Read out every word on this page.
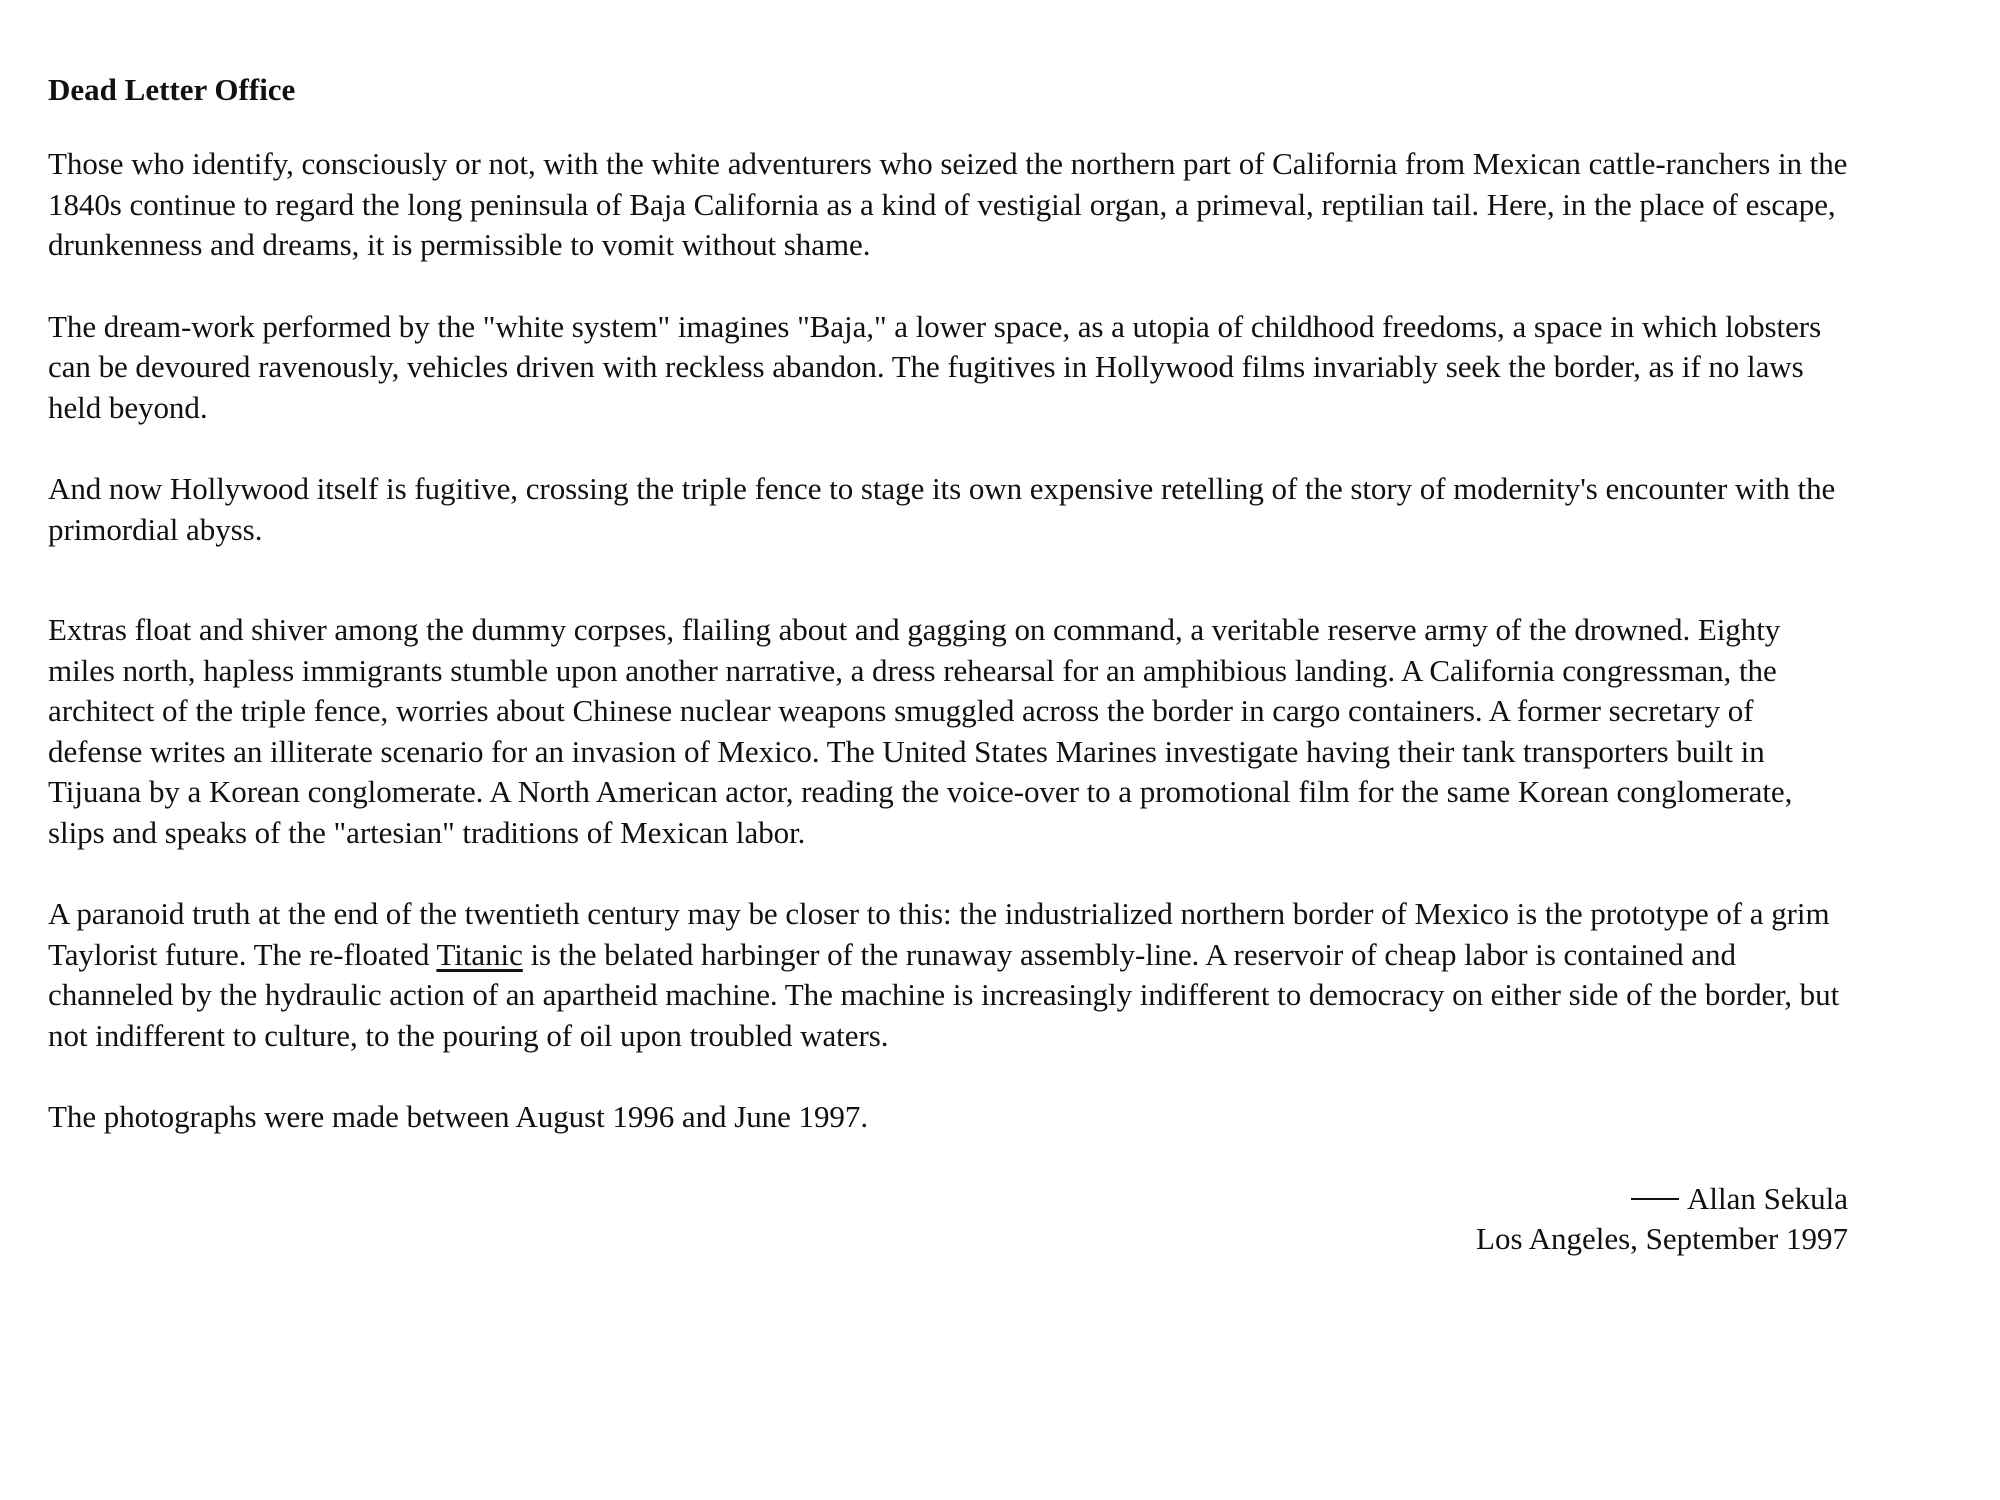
Dead Letter Office

Those who identify, consciously or not, with the white adventurers who seized the northern part of California from Mexican cattle-ranchers in the 1840s continue to regard the long peninsula of Baja California as a kind of vestigial organ, a primeval, reptilian tail. Here, in the place of escape, drunkenness and dreams, it is permissible to vomit without shame.

The dream-work performed by the "white system" imagines "Baja," a lower space, as a utopia of childhood freedoms, a space in which lobsters can be devoured ravenously, vehicles driven with reckless abandon. The fugitives in Hollywood films invariably seek the border, as if no laws held beyond.

And now Hollywood itself is fugitive, crossing the triple fence to stage its own expensive retelling of the story of modernity's encounter with the primordial abyss.

Extras float and shiver among the dummy corpses, flailing about and gagging on command, a veritable reserve army of the drowned. Eighty miles north, hapless immigrants stumble upon another narrative, a dress rehearsal for an amphibious landing. A California congressman, the architect of the triple fence, worries about Chinese nuclear weapons smuggled across the border in cargo containers. A former secretary of defense writes an illiterate scenario for an invasion of Mexico. The United States Marines investigate having their tank transporters built in Tijuana by a Korean conglomerate. A North American actor, reading the voice-over to a promotional film for the same Korean conglomerate, slips and speaks of the "artesian" traditions of Mexican labor.

A paranoid truth at the end of the twentieth century may be closer to this: the industrialized northern border of Mexico is the prototype of a grim Taylorist future. The re-floated Titanic is the belated harbinger of the runaway assembly-line. A reservoir of cheap labor is contained and channeled by the hydraulic action of an apartheid machine. The machine is increasingly indifferent to democracy on either side of the border, but not indifferent to culture, to the pouring of oil upon troubled waters.

The photographs were made between August 1996 and June 1997.

Allan Sekula
Los Angeles, September 1997
